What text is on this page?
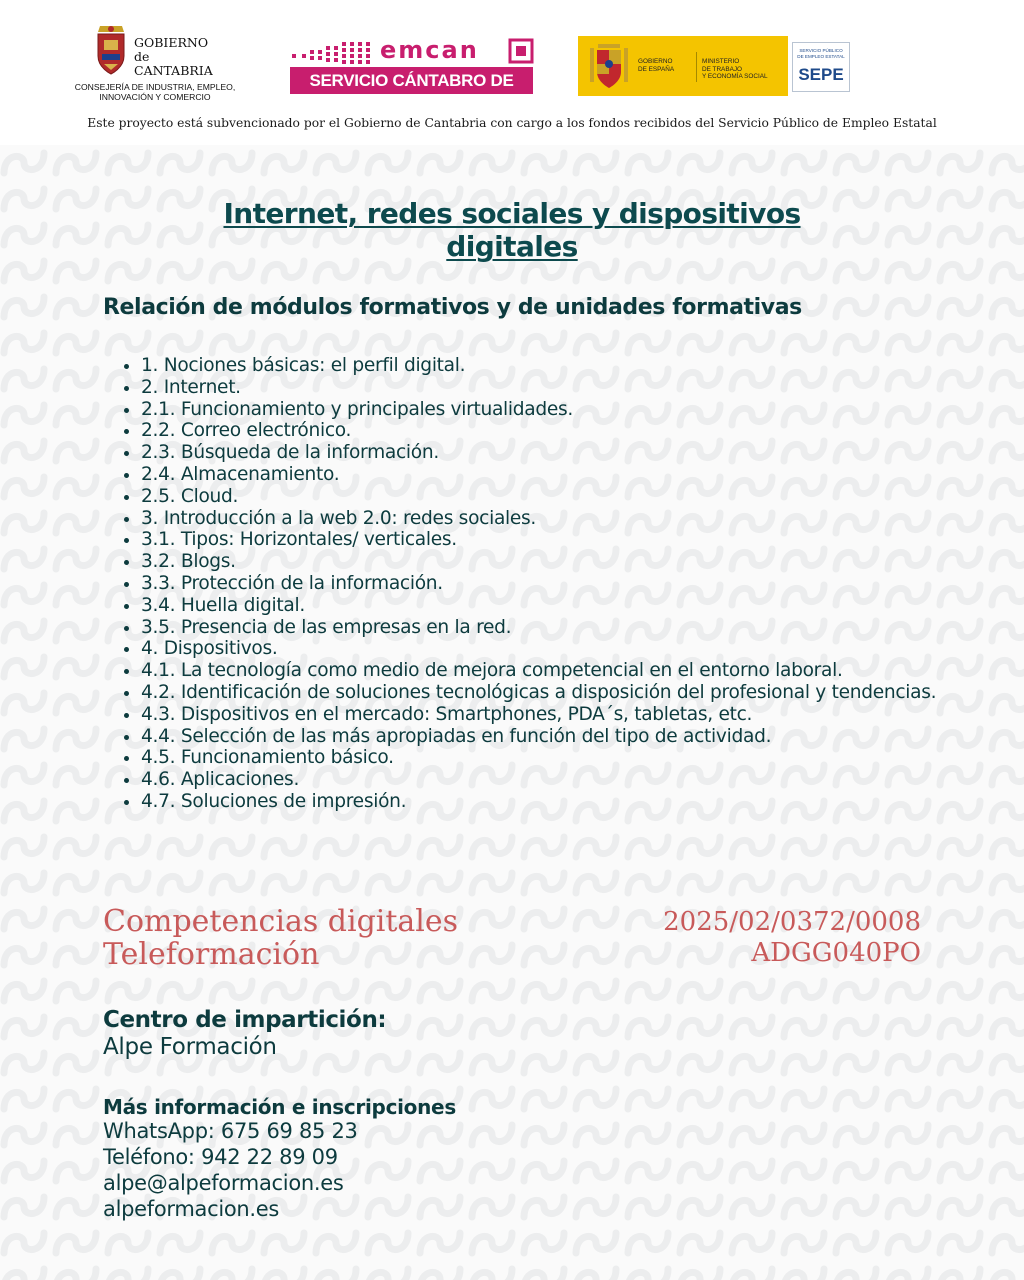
GOBIERNO
de
CANTABRIA
CONSEJERÍA DE INDUSTRIA, EMPLEO,
INNOVACIÓN Y COMERCIO
emcan
SERVICIO CÁNTABRO DE EMPLEO
GOBIERNO
DE ESPAÑA
MINISTERIO
DE TRABAJO
Y ECONOMÍA SOCIAL
SERVICIO PÚBLICO
DE EMPLEO ESTATAL
SEPE
Este proyecto está subvencionado por el Gobierno de Cantabria con cargo a los fondos recibidos del Servicio Público de Empleo Estatal
Internet, redes sociales y dispositivos digitales
Relación de módulos formativos y de unidades formativas
• 1. Nociones básicas: el perfil digital.
• 2. Internet.
• 2.1. Funcionamiento y principales virtualidades.
• 2.2. Correo electrónico.
• 2.3. Búsqueda de la información.
• 2.4. Almacenamiento.
• 2.5. Cloud.
• 3. Introducción a la web 2.0: redes sociales.
• 3.1. Tipos: Horizontales/ verticales.
• 3.2. Blogs.
• 3.3. Protección de la información.
• 3.4. Huella digital.
• 3.5. Presencia de las empresas en la red.
• 4. Dispositivos.
• 4.1. La tecnología como medio de mejora competencial en el entorno laboral.
• 4.2. Identificación de soluciones tecnológicas a disposición del profesional y tendencias.
• 4.3. Dispositivos en el mercado: Smartphones, PDA´s, tabletas, etc.
• 4.4. Selección de las más apropiadas en función del tipo de actividad.
• 4.5. Funcionamiento básico.
• 4.6. Aplicaciones.
• 4.7. Soluciones de impresión.
Competencias digitales
Teleformación
2025/02/0372/0008
ADGG040PO
Centro de impartición:
Alpe Formación
Más información e inscripciones
WhatsApp: 675 69 85 23
Teléfono: 942 22 89 09
alpe@alpeformacion.es
alpeformacion.es
